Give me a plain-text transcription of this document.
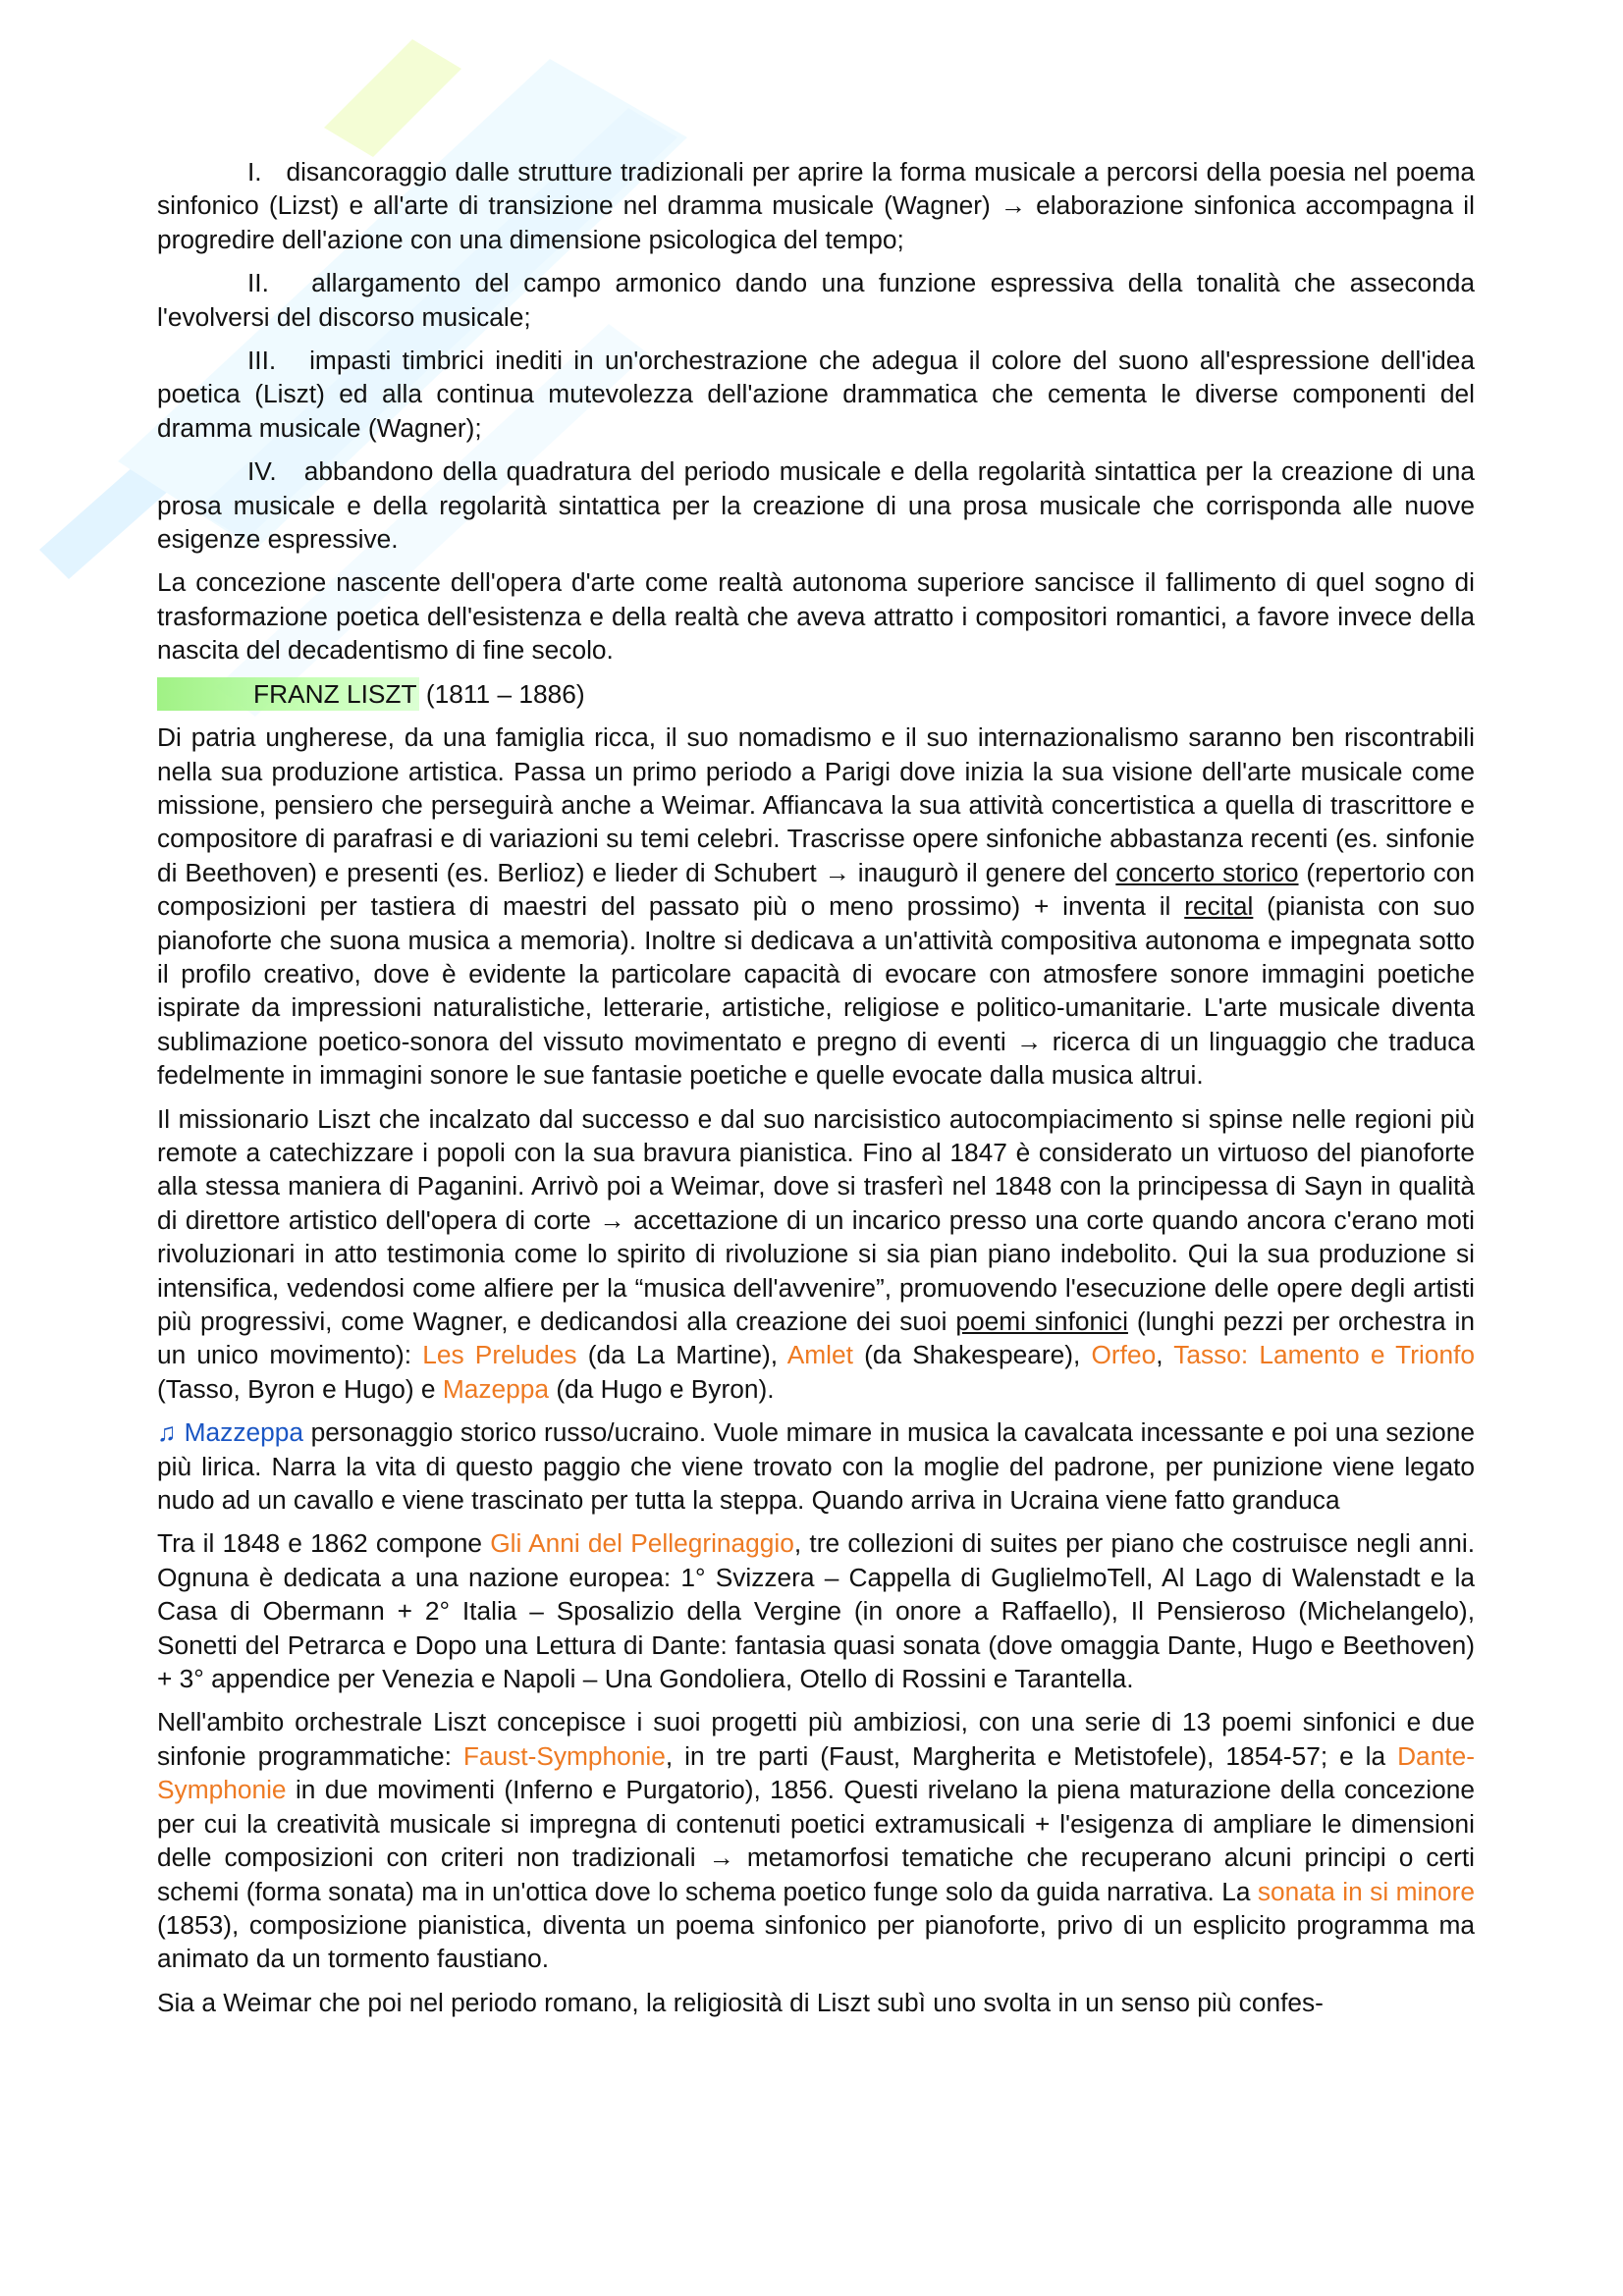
I. disancoraggio dalle strutture tradizionali per aprire la forma musicale a percorsi della poesia nel poema sinfonico (Lizst) e all'arte di transizione nel dramma musicale (Wagner) → elaborazione sinfonica accompagna il progredire dell'azione con una dimensione psicologica del tempo;

II. allargamento del campo armonico dando una funzione espressiva della tonalità che asseconda l'evolversi del discorso musicale;

III. impasti timbrici inediti in un'orchestrazione che adegua il colore del suono all'espressione dell'idea poetica (Liszt) ed alla continua mutevolezza dell'azione drammatica che cementa le diverse componenti del dramma musicale (Wagner);

IV. abbandono della quadratura del periodo musicale e della regolarità sintattica per la creazione di una prosa musicale e della regolarità sintattica per la creazione di una prosa musicale che corrisponda alle nuove esigenze espressive.

La concezione nascente dell'opera d'arte come realtà autonoma superiore sancisce il fallimento di quel sogno di trasformazione poetica dell'esistenza e della realtà che aveva attratto i compositori romantici, a favore invece della nascita del decadentismo di fine secolo.

FRANZ LISZT (1811 – 1886)

Di patria ungherese, da una famiglia ricca, il suo nomadismo e il suo internazionalismo saranno ben riscontrabili nella sua produzione artistica. Passa un primo periodo a Parigi dove inizia la sua visione dell'arte musicale come missione, pensiero che perseguirà anche a Weimar. Affiancava la sua attività concertistica a quella di trascrittore e compositore di parafrasi e di variazioni su temi celebri. Trascrisse opere sinfoniche abbastanza recenti (es. sinfonie di Beethoven) e presenti (es. Berlioz) e lieder di Schubert → inaugurò il genere del concerto storico (repertorio con composizioni per tastiera di maestri del passato più o meno prossimo) + inventa il recital (pianista con suo pianoforte che suona musica a memoria). Inoltre si dedicava a un'attività compositiva autonoma e impegnata sotto il profilo creativo, dove è evidente la particolare capacità di evocare con atmosfere sonore immagini poetiche ispirate da impressioni naturalistiche, letterarie, artistiche, religiose e politico-umanitarie. L'arte musicale diventa sublimazione poetico-sonora del vissuto movimentato e pregno di eventi → ricerca di un linguaggio che traduca fedelmente in immagini sonore le sue fantasie poetiche e quelle evocate dalla musica altrui.

Il missionario Liszt che incalzato dal successo e dal suo narcisistico autocompiacimento si spinse nelle regioni più remote a catechizzare i popoli con la sua bravura pianistica. Fino al 1847 è considerato un virtuoso del pianoforte alla stessa maniera di Paganini. Arrivò poi a Weimar, dove si trasferì nel 1848 con la principessa di Sayn in qualità di direttore artistico dell'opera di corte → accettazione di un incarico presso una corte quando ancora c'erano moti rivoluzionari in atto testimonia come lo spirito di rivoluzione si sia pian piano indebolito. Qui la sua produzione si intensifica, vedendosi come alfiere per la “musica dell'avvenire”, promuovendo l'esecuzione delle opere degli artisti più progressivi, come Wagner, e dedicandosi alla creazione dei suoi poemi sinfonici (lunghi pezzi per orchestra in un unico movimento): Les Preludes (da La Martine), Amlet (da Shakespeare), Orfeo, Tasso: Lamento e Trionfo (Tasso, Byron e Hugo) e Mazeppa (da Hugo e Byron).

♫ Mazzeppa personaggio storico russo/ucraino. Vuole mimare in musica la cavalcata incessante e poi una sezione più lirica. Narra la vita di questo paggio che viene trovato con la moglie del padrone, per punizione viene legato nudo ad un cavallo e viene trascinato per tutta la steppa. Quando arriva in Ucraina viene fatto granduca

Tra il 1848 e 1862 compone Gli Anni del Pellegrinaggio, tre collezioni di suites per piano che costruisce negli anni. Ognuna è dedicata a una nazione europea: 1° Svizzera – Cappella di GuglielmoTell, Al Lago di Walenstadt e la Casa di Obermann + 2° Italia – Sposalizio della Vergine (in onore a Raffaello), Il Pensieroso (Michelangelo), Sonetti del Petrarca e Dopo una Lettura di Dante: fantasia quasi sonata (dove omaggia Dante, Hugo e Beethoven) + 3° appendice per Venezia e Napoli – Una Gondoliera, Otello di Rossini e Tarantella.

Nell'ambito orchestrale Liszt concepisce i suoi progetti più ambiziosi, con una serie di 13 poemi sinfonici e due sinfonie programmatiche: Faust-Symphonie, in tre parti (Faust, Margherita e Metistofele), 1854-57; e la Dante-Symphonie in due movimenti (Inferno e Purgatorio), 1856. Questi rivelano la piena maturazione della concezione per cui la creatività musicale si impregna di contenuti poetici extramusicali + l'esigenza di ampliare le dimensioni delle composizioni con criteri non tradizionali → metamorfosi tematiche che recuperano alcuni principi o certi schemi (forma sonata) ma in un'ottica dove lo schema poetico funge solo da guida narrativa. La sonata in si minore (1853), composizione pianistica, diventa un poema sinfonico per pianoforte, privo di un esplicito programma ma animato da un tormento faustiano.

Sia a Weimar che poi nel periodo romano, la religiosità di Liszt subì uno svolta in un senso più confes-
